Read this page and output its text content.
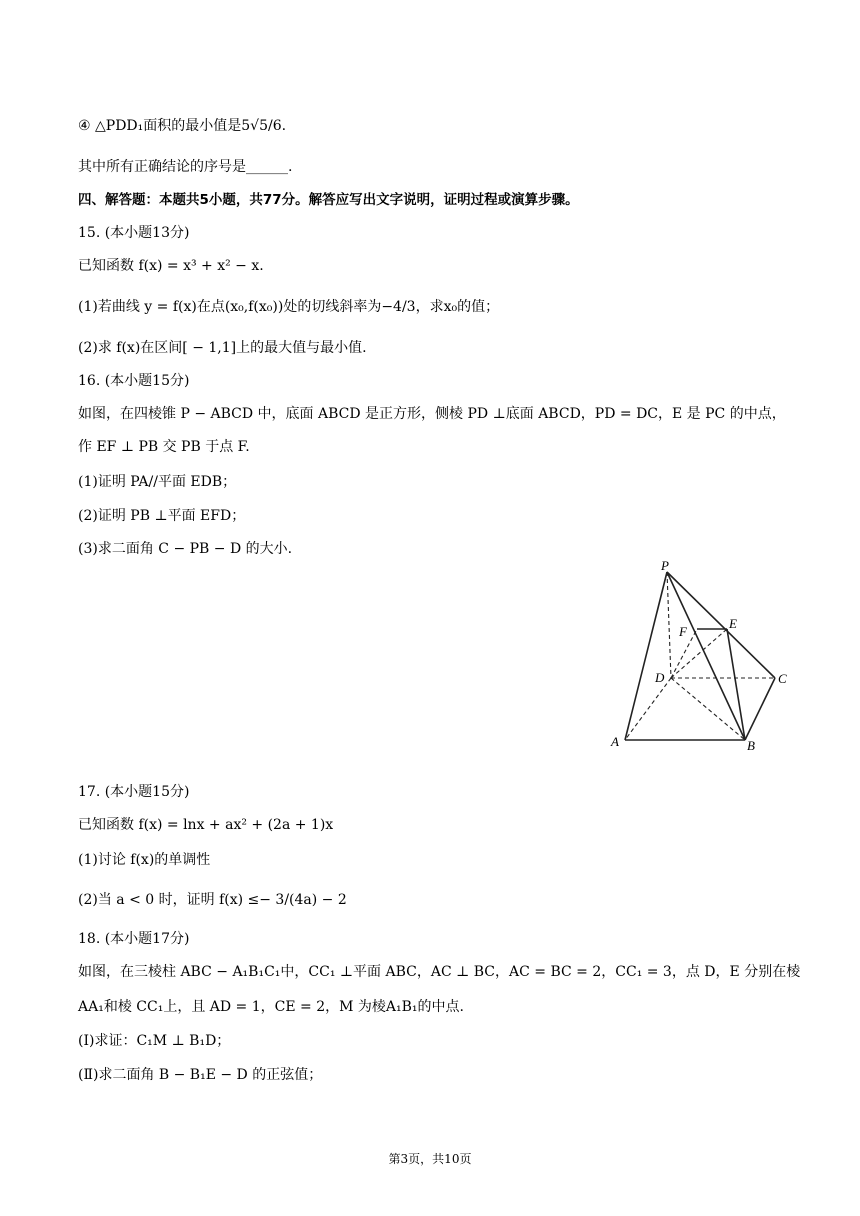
④ △PDD₁面积的最小值是5√5/6.
其中所有正确结论的序号是______.
四、解答题：本题共5小题，共77分。解答应写出文字说明，证明过程或演算步骤。
15. (本小题13分)
已知函数 f(x) = x³ + x² − x.
(1)若曲线 y = f(x)在点(x₀,f(x₀))处的切线斜率为−4/3，求x₀的值；
(2)求 f(x)在区间[ − 1,1]上的最大值与最小值.
16. (本小题15分)
如图，在四棱锥 P − ABCD 中，底面 ABCD 是正方形，侧棱 PD ⊥底面 ABCD，PD = DC，E 是 PC 的中点，
作 EF ⊥ PB 交 PB 于点 F.
(1)证明 PA//平面 EDB；
(2)证明 PB ⊥平面 EFD；
(3)求二面角 C − PB − D 的大小.
P
E
F
D	C
A	B
17. (本小题15分)
已知函数 f(x) = lnx + ax² + (2a + 1)x
(1)讨论 f(x)的单调性
(2)当 a < 0 时，证明 f(x) ≤− 3/(4a) − 2
18. (本小题17分)
如图，在三棱柱 ABC − A₁B₁C₁中，CC₁ ⊥平面 ABC，AC ⊥ BC，AC = BC = 2，CC₁ = 3，点 D，E 分别在棱
AA₁和棱 CC₁上，且 AD = 1，CE = 2，M 为棱A₁B₁的中点.
(Ⅰ)求证：C₁M ⊥ B₁D；
(Ⅱ)求二面角 B − B₁E − D 的正弦值；
第3页，共10页
